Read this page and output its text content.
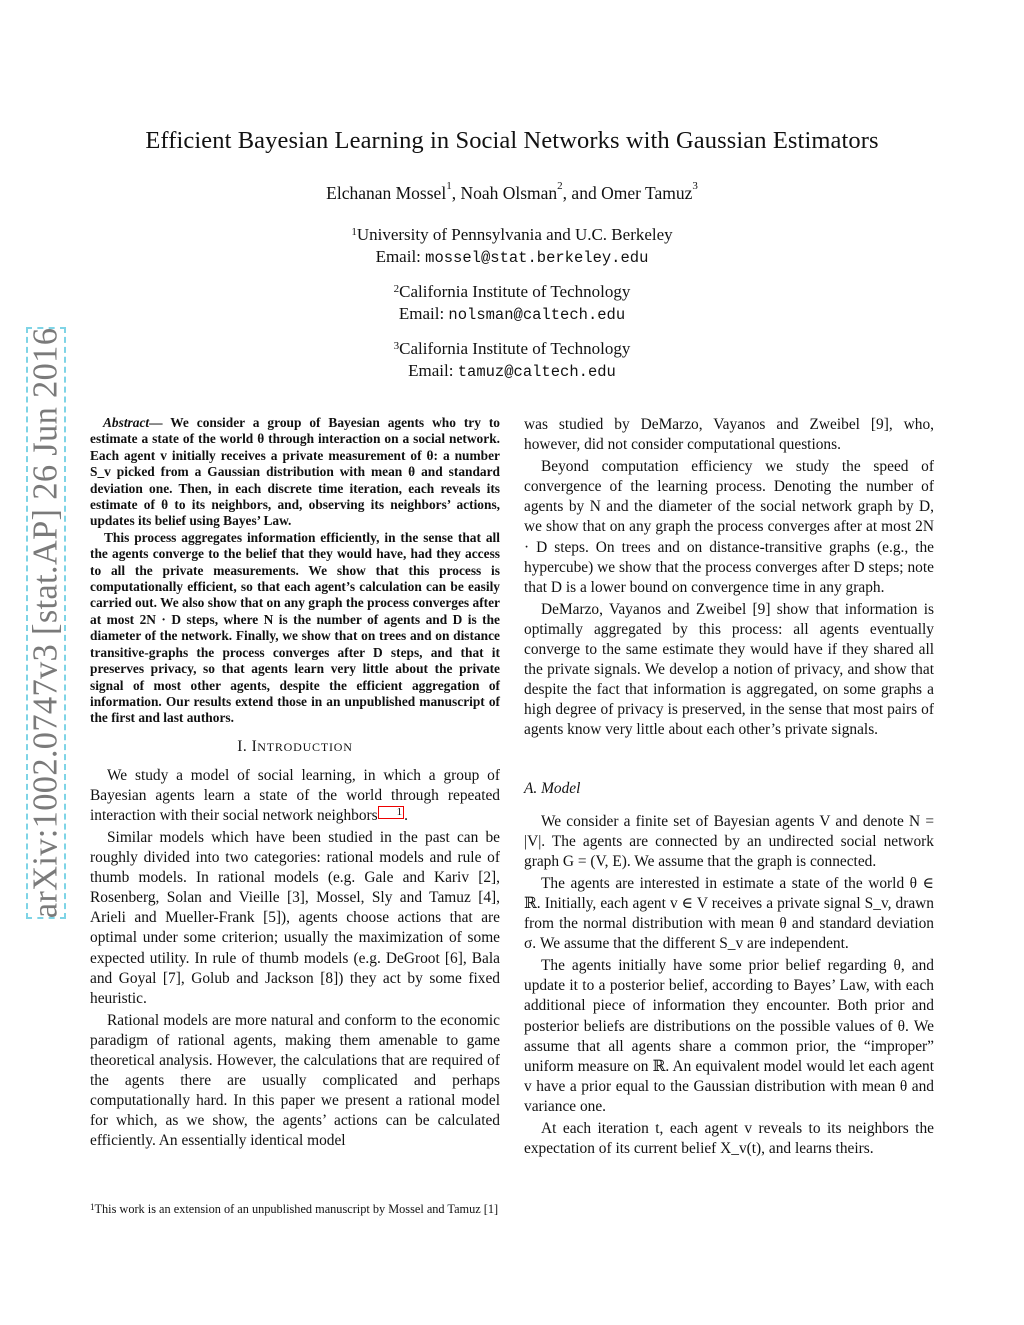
Efficient Bayesian Learning in Social Networks with Gaussian Estimators
Elchanan Mossel$^1$, Noah Olsman$^2$, and Omer Tamuz$^3$
$^1$University of Pennsylvania and U.C. Berkeley
Email: mossel@stat.berkeley.edu
$^2$California Institute of Technology
Email: nolsman@caltech.edu
$^3$California Institute of Technology
Email: tamuz@caltech.edu
arXiv:1002.0747v3 [stat.AP] 26 Jun 2016	Abstract— We consider a group of Bayesian agents who try to estimate a state of the world θ through interaction on a social network. Each agent v initially receives a private measurement of θ: a number S_v picked from a Gaussian distribution with mean θ and standard deviation one. Then, in each discrete time iteration, each reveals its estimate of θ to its neighbors, and, observing its neighbors’ actions, updates its belief using Bayes’ Law.

This process aggregates information efficiently, in the sense that all the agents converge to the belief that they would have, had they access to all the private measurements. We show that this process is computationally efficient, so that each agent’s calculation can be easily carried out. We also show that on any graph the process converges after at most 2N · D steps, where N is the number of agents and D is the diameter of the network. Finally, we show that on trees and on distance transitive-graphs the process converges after D steps, and that it preserves privacy, so that agents learn very little about the private signal of most other agents, despite the efficient aggregation of information. Our results extend those in an unpublished manuscript of the first and last authors.

I. INTRODUCTION

We study a model of social learning, in which a group of Bayesian agents learn a state of the world through repeated interaction with their social network neighbors 1 .

Similar models which have been studied in the past can be roughly divided into two categories: rational models and rule of thumb models. In rational models (e.g. Gale and Kariv [2], Rosenberg, Solan and Vieille [3], Mossel, Sly and Tamuz [4], Arieli and Mueller-Frank [5]), agents choose actions that are optimal under some criterion; usually the maximization of some expected utility. In rule of thumb models (e.g. DeGroot [6], Bala and Goyal [7], Golub and Jackson [8]) they act by some fixed heuristic.

Rational models are more natural and conform to the economic paradigm of rational agents, making them amenable to game theoretical analysis. However, the calculations that are required of the agents there are usually complicated and perhaps computationally hard. In this paper we present a rational model for which, as we show, the agents’ actions can be calculated efficiently. An essentially identical model

$^1$This work is an extension of an unpublished manuscript by Mossel and Tamuz [1]

was studied by DeMarzo, Vayanos and Zweibel [9], who, however, did not consider computational questions.

Beyond computation efficiency we study the speed of convergence of the learning process. Denoting the number of agents by N and the diameter of the social network graph by D, we show that on any graph the process converges after at most 2N · D steps. On trees and on distance-transitive graphs (e.g., the hypercube) we show that the process converges after D steps; note that D is a lower bound on convergence time in any graph.

DeMarzo, Vayanos and Zweibel [9] show that information is optimally aggregated by this process: all agents eventually converge to the same estimate they would have if they shared all the private signals. We develop a notion of privacy, and show that despite the fact that information is aggregated, on some graphs a high degree of privacy is preserved, in the sense that most pairs of agents know very little about each other’s private signals.

A. Model

We consider a finite set of Bayesian agents V and denote N = |V|. The agents are connected by an undirected social network graph G = (V, E). We assume that the graph is connected.

The agents are interested in estimate a state of the world θ ∈ ℝ. Initially, each agent v ∈ V receives a private signal S_v, drawn from the normal distribution with mean θ and standard deviation σ. We assume that the different S_v are independent.

The agents initially have some prior belief regarding θ, and update it to a posterior belief, according to Bayes’ Law, with each additional piece of information they encounter. Both prior and posterior beliefs are distributions on the possible values of θ. We assume that all agents share a common prior, the “improper” uniform measure on ℝ. An equivalent model would let each agent v have a prior equal to the Gaussian distribution with mean θ and variance one.

At each iteration t, each agent v reveals to its neighbors the expectation of its current belief X_v(t), and learns theirs.
